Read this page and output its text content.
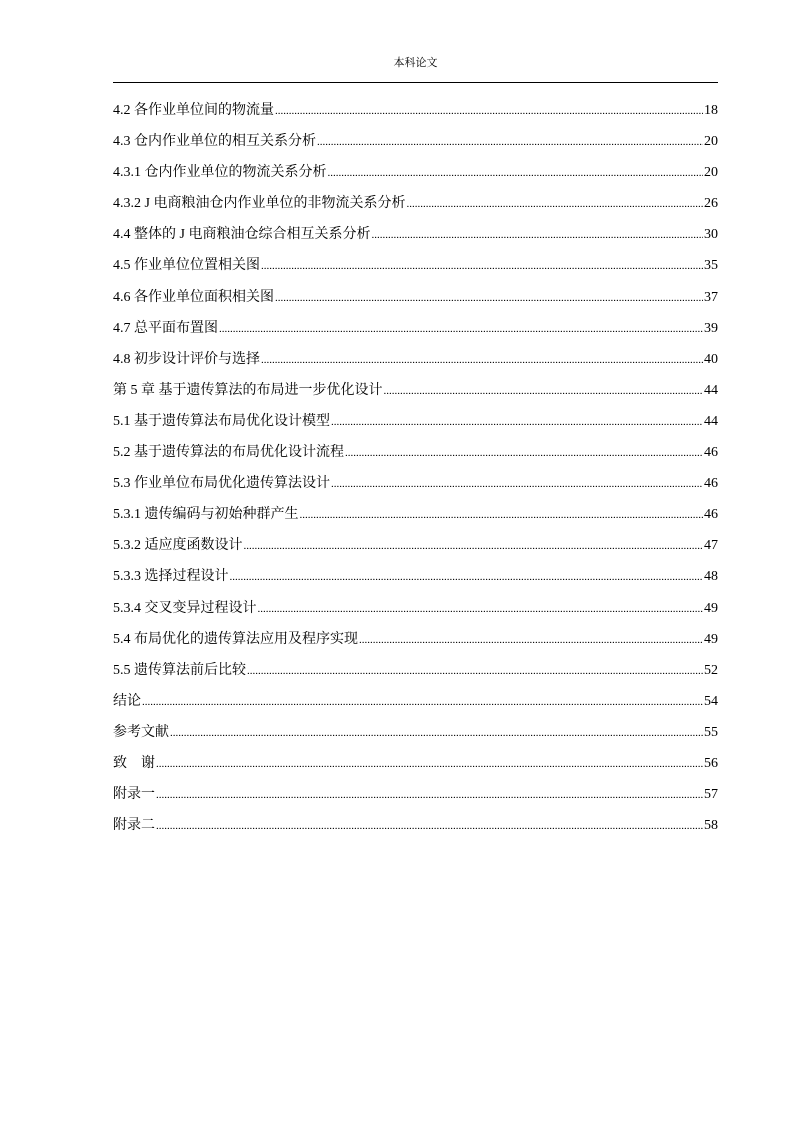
本科论文
4.2 各作业单位间的物流量 .....	18
4.3 仓内作业单位的相互关系分析 .....	20
4.3.1 仓内作业单位的物流关系分析 .....	20
4.3.2 J 电商粮油仓内作业单位的非物流关系分析 .....	26
4.4 整体的 J 电商粮油仓综合相互关系分析 .....	30
4.5 作业单位位置相关图 .....	35
4.6 各作业单位面积相关图 .....	37
4.7 总平面布置图 .....	39
4.8 初步设计评价与选择 .....	40
第 5 章 基于遗传算法的布局进一步优化设计 .....	44
5.1 基于遗传算法布局优化设计模型 .....	44
5.2 基于遗传算法的布局优化设计流程 .....	46
5.3 作业单位布局优化遗传算法设计 .....	46
5.3.1 遗传编码与初始种群产生 .....	46
5.3.2 适应度函数设计 .....	47
5.3.3 选择过程设计 .....	48
5.3.4 交叉变异过程设计 .....	49
5.4 布局优化的遗传算法应用及程序实现 .....	49
5.5 遗传算法前后比较 .....	52
结论 .....	54
参考文献 .....	55
致    谢 .....	56
附录一 .....	57
附录二 .....	58
